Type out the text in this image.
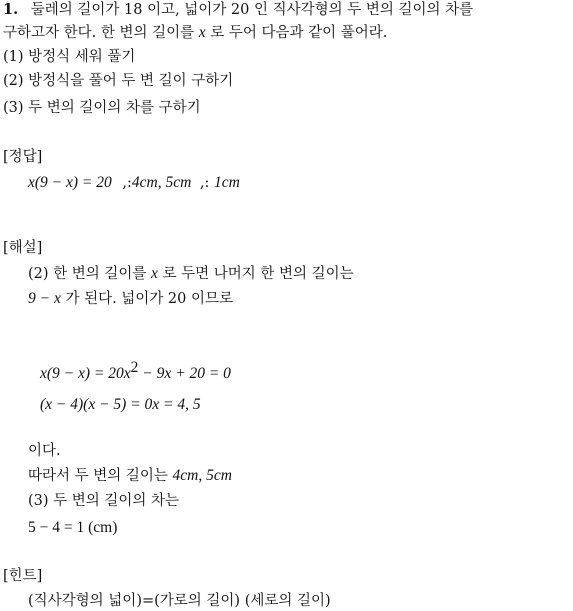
1. 둘레의 길이가 18 이고, 넓이가 20 인 직사각형의 두 변의 길이의 차를
구하고자 한다. 한 변의 길이를 x 로 두어 다음과 같이 풀어라.
(1) 방정식 세워 풀기
(2) 방정식을 풀어 두 변 길이 구하기
(3) 두 변의 길이의 차를 구하기
[정답]
x(9 − x) = 20 ,:4cm, 5cm ,: 1cm
[해설]
(2) 한 변의 길이를 x 로 두면 나머지 한 변의 길이는
9 − x 가 된다. 넓이가 20 이므로
$x(9 - x) = 20x^2 - 9x + 20 = 0$
(x − 4)(x − 5) = 0x = 4, 5
이다.
따라서 두 변의 길이는 4cm, 5cm
(3) 두 변의 길이의 차는
5 − 4 = 1 (cm)
[힌트]
(직사각형의 넓이)=(가로의 길이) (세로의 길이)
